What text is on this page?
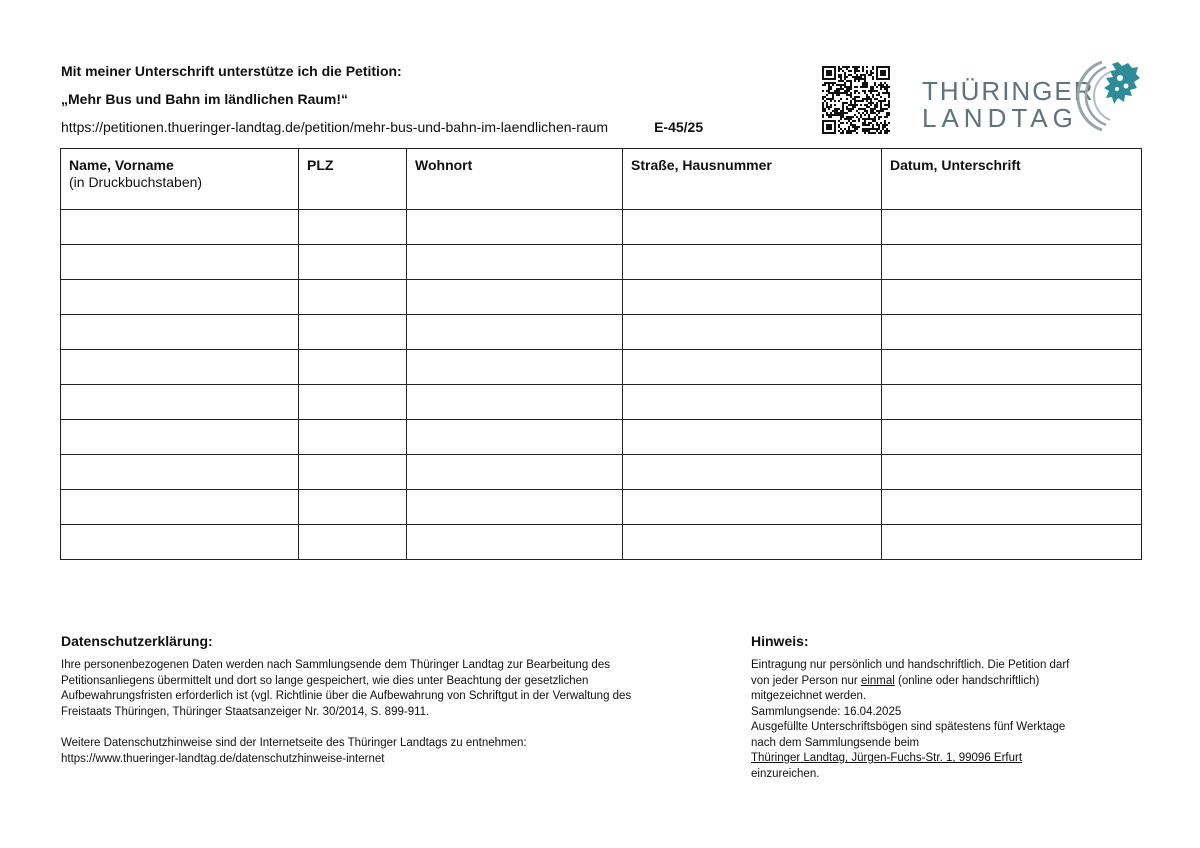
Mit meiner Unterschrift unterstütze ich die Petition:
„Mehr Bus und Bahn im ländlichen Raum!“
https://petitionen.thueringer-landtag.de/petition/mehr-bus-und-bahn-im-laendlichen-raum	E-45/25
THÜRINGER
LANDTAG
Name, Vorname
(in Druckbuchstaben)	PLZ	Wohnort	Straße, Hausnummer	Datum, Unterschrift

Datenschutzerklärung:
Ihre personenbezogenen Daten werden nach Sammlungsende dem Thüringer Landtag zur Bearbeitung des
Petitionsanliegens übermittelt und dort so lange gespeichert, wie dies unter Beachtung der gesetzlichen
Aufbewahrungsfristen erforderlich ist (vgl. Richtlinie über die Aufbewahrung von Schriftgut in der Verwaltung des
Freistaats Thüringen, Thüringer Staatsanzeiger Nr. 30/2014, S. 899-911.
Weitere Datenschutzhinweise sind der Internetseite des Thüringer Landtags zu entnehmen:
https://www.thueringer-landtag.de/datenschutzhinweise-internet
Hinweis:
Eintragung nur persönlich und handschriftlich. Die Petition darf
von jeder Person nur einmal (online oder handschriftlich)
mitgezeichnet werden.
Sammlungsende: 16.04.2025
Ausgefüllte Unterschriftsbögen sind spätestens fünf Werktage
nach dem Sammlungsende beim
Thüringer Landtag, Jürgen-Fuchs-Str. 1, 99096 Erfurt
einzureichen.
